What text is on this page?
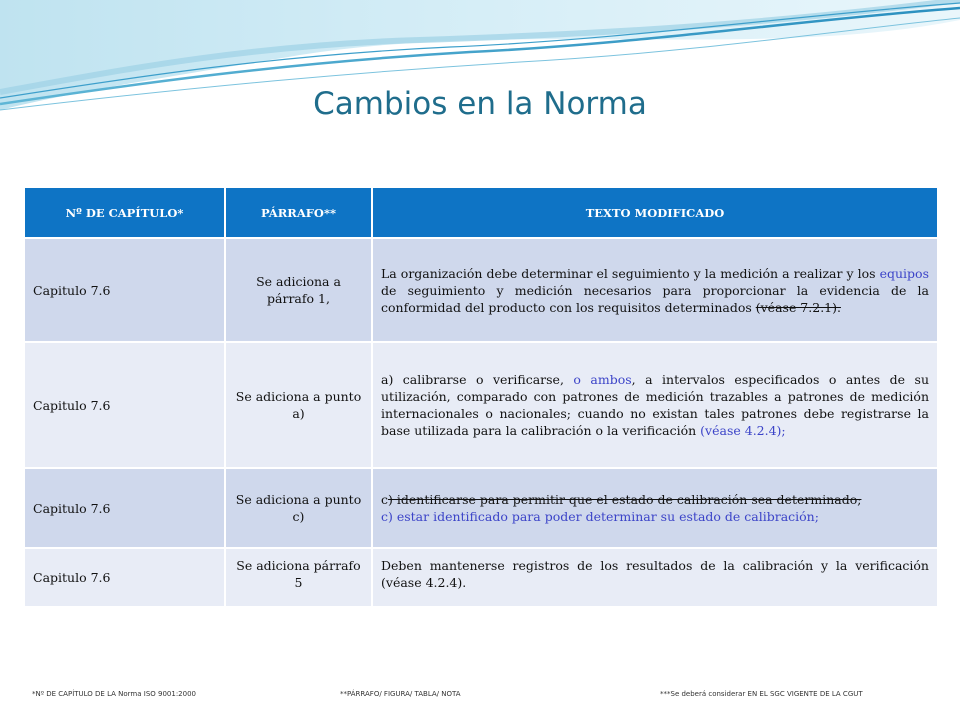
Cambios en la Norma
Nº DE CAPÍTULO*	PÁRRAFO**	TEXTO MODIFICADO
Capitulo 7.6	Se adiciona a párrafo 1,	La organización debe determinar el seguimiento y la medición a realizar y los equipos de seguimiento y medición necesarios para proporcionar la evidencia de la conformidad del producto con los requisitos determinados (véase 7.2.1).
Capitulo 7.6	Se adiciona a punto a)	a) calibrarse o verificarse, o ambos, a intervalos especificados o antes de su utilización, comparado con patrones de medición trazables a patrones de medición internacionales o nacionales; cuando no existan tales patrones debe registrarse la base utilizada para la calibración o la verificación (véase 4.2.4);
Capitulo 7.6	Se adiciona a punto c)	c) identificarse para permitir que el estado de calibración sea determinado;
c) estar identificado para poder determinar su estado de calibración;
Capitulo 7.6	Se adiciona párrafo 5	Deben mantenerse registros de los resultados de la calibración y la verificación (véase 4.2.4).
*Nº DE CAPÍTULO DE LA Norma ISO 9001:2000	**PÁRRAFO/ FIGURA/ TABLA/ NOTA	***Se deberá considerar EN EL SGC VIGENTE DE LA CGUT
